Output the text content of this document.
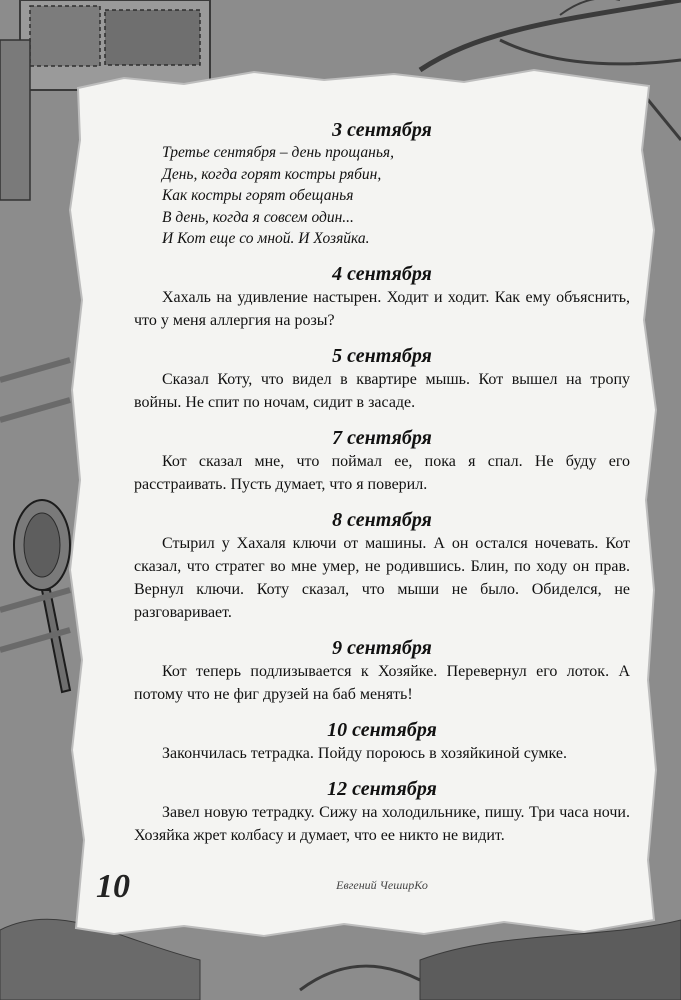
3 сентября
Третье сентября – день прощанья,
День, когда горят костры рябин,
Как костры горят обещанья
В день, когда я совсем один...
И Кот еще со мной. И Хозяйка.
4 сентября

Хахаль на удивление настырен. Ходит и ходит. Как ему объяснить, что у меня аллергия на розы?

5 сентября

Сказал Коту, что видел в квартире мышь. Кот вышел на тропу войны. Не спит по ночам, сидит в засаде.

7 сентября

Кот сказал мне, что поймал ее, пока я спал. Не буду его расстраивать. Пусть думает, что я поверил.

8 сентября

Стырил у Хахаля ключи от машины. А он остался ночевать. Кот сказал, что стратег во мне умер, не родившись. Блин, по ходу он прав. Вернул ключи. Коту сказал, что мыши не было. Обиделся, не разговаривает.

9 сентября

Кот теперь подлизывается к Хозяйке. Перевернул его лоток. А потому что не фиг друзей на баб менять!

10 сентября

Закончилась тетрадка. Пойду пороюсь в хозяйкиной сумке.

12 сентября

Завел новую тетрадку. Сижу на холодильнике, пишу. Три часа ночи. Хозяйка жрет колбасу и думает, что ее никто не видит.

10	Евгений ЧеширКо
